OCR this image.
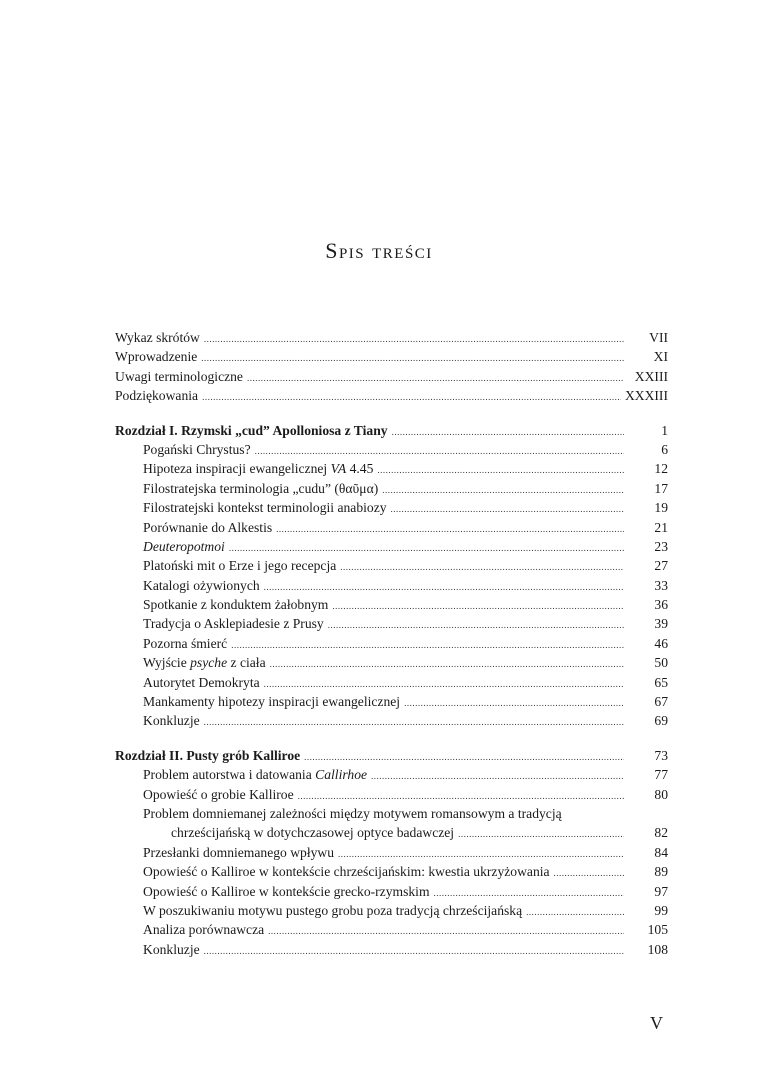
Spis treści
Wykaz skrótów .....	VII
Wprowadzenie .....	XI
Uwagi terminologiczne .....	XXIII
Podziękowania .....	XXXIII
Rozdział I. Rzymski „cud” Apolloniosa z Tiany .....	1
Pogański Chrystus? .....	6
Hipoteza inspiracji ewangelicznej VA 4.45 .....	12
Filostratejska terminologia „cudu” (θαῦμα) .....	17
Filostratejski kontekst terminologii anabiozy .....	19
Porównanie do Alkestis .....	21
Deuteropotmoi .....	23
Platoński mit o Erze i jego recepcja .....	27
Katalogi ożywionych .....	33
Spotkanie z konduktem żałobnym .....	36
Tradycja o Asklepiadesie z Prusy .....	39
Pozorna śmierć .....	46
Wyjście psyche z ciała .....	50
Autorytet Demokryta .....	65
Mankamenty hipotezy inspiracji ewangelicznej .....	67
Konkluzje .....	69
Rozdział II. Pusty grób Kalliroe .....	73
Problem autorstwa i datowania Callirhoe .....	77
Opowieść o grobie Kalliroe .....	80
Problem domniemanej zależności między motywem romansowym a tradycją
chrześcijańską w dotychczasowej optyce badawczej .....	82
Przesłanki domniemanego wpływu .....	84
Opowieść o Kalliroe w kontekście chrześcijańskim: kwestia ukrzyżowania .....	89
Opowieść o Kalliroe w kontekście grecko-rzymskim .....	97
W poszukiwaniu motywu pustego grobu poza tradycją chrześcijańską .....	99
Analiza porównawcza .....	105
Konkluzje .....	108
V
